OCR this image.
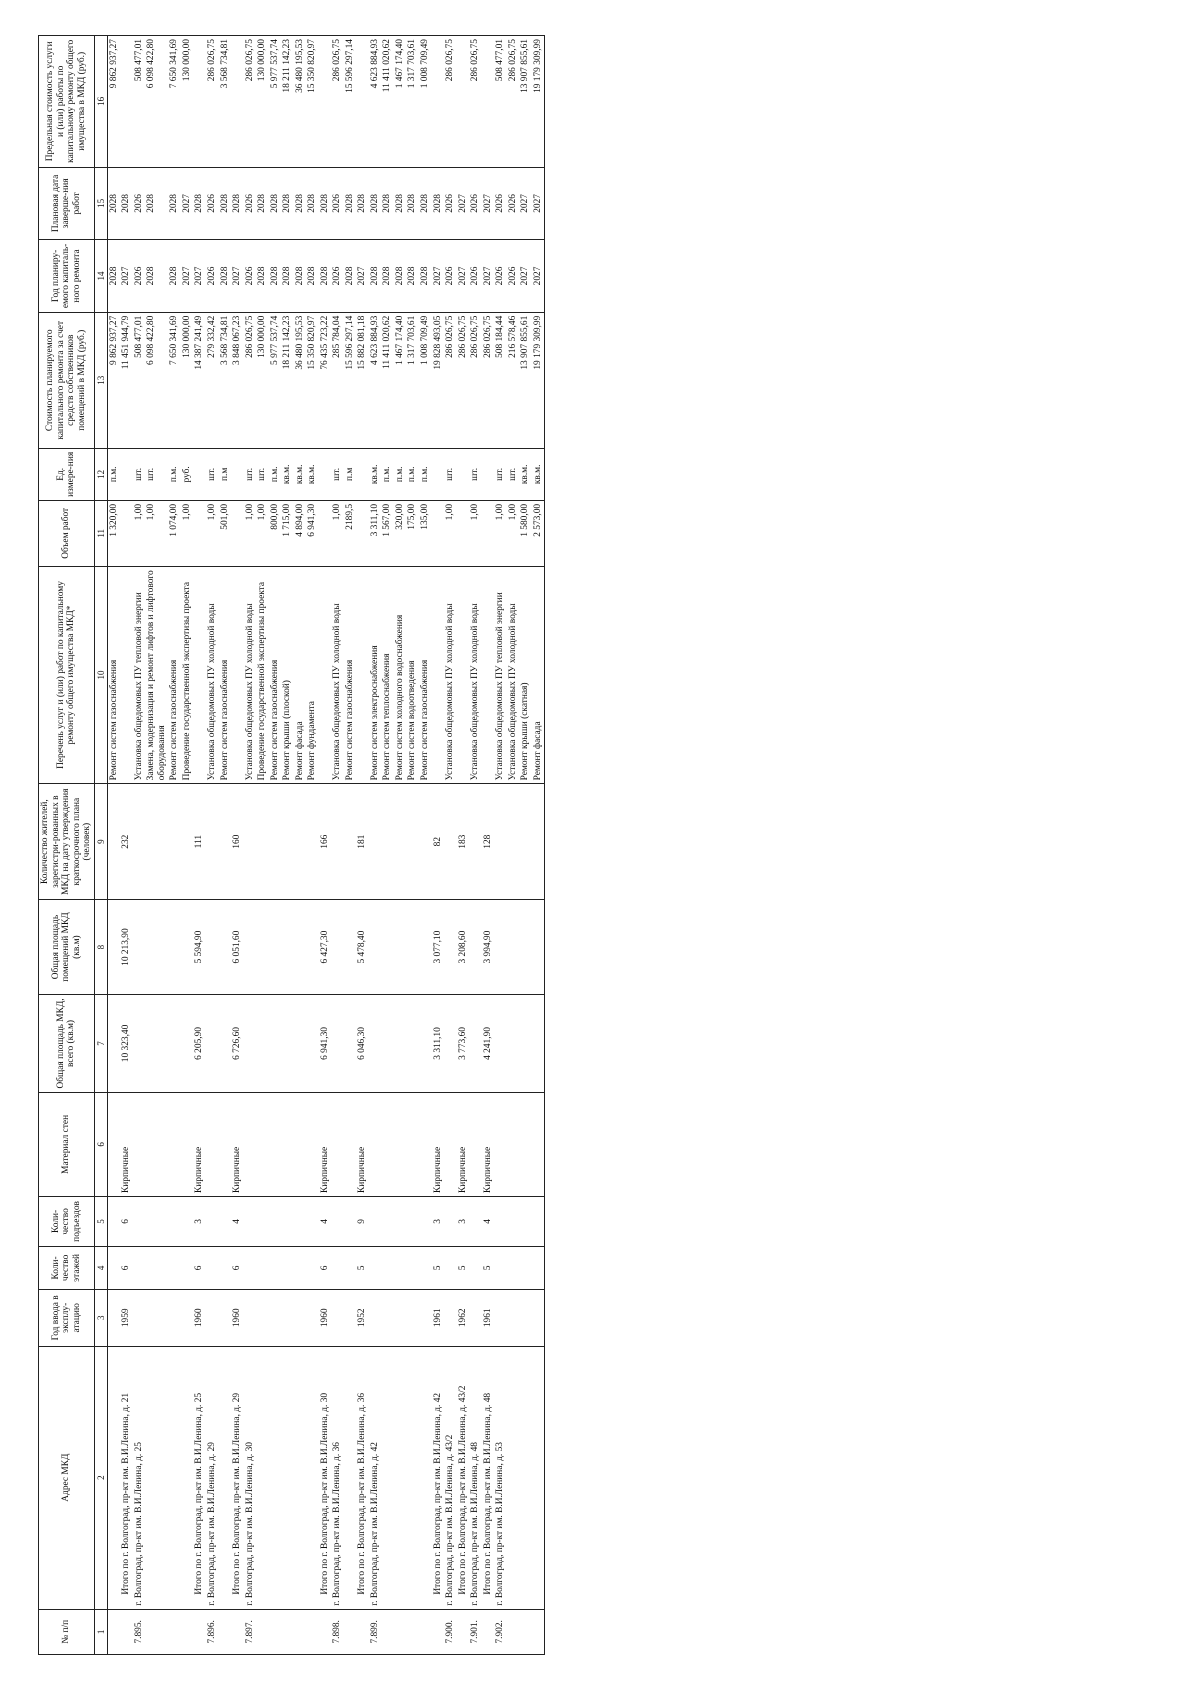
№ п/п	Адрес МКД	Год ввода в эксплу-атацию	Коли-чество этажей	Коли-чество подъездов	Материал стен	Общая площадь МКД, всего (кв.м)	Общая площадь помещений МКД (кв.м)	Количество жителей, зарегистри-рованных в МКД на дату утверждения краткосрочного плана (человек)	Перечень услуг и (или) работ по капитальному ремонту общего имущества МКД*	Объем работ	Ед. измере-ния	Стоимость планируемого капитального ремонта за счет средств собственников помещений в МКД (руб.)	Год планиру-емого капиталь-ного ремонта	Плановая дата заверше-ния работ	Предельная стоимость услуги и (или) работы по капитальному ремонту общего имущества в МКД (руб.)
1	2	3	4	5	6	7	8	9	10	11	12	13	14	15	16
									Ремонт систем газоснабжения	1 320,00	п.м.	9 862 937,27	2028	2028	9 862 937,27
	Итого по г. Волгоград, пр-кт им. В.И.Ленина, д. 21	1959	6	6	Кирпичные	10 323,40	10 213,90	232				11 451 944,79	2027	2028	
7.895.	г. Волгоград, пр-кт им. В.И.Ленина, д. 25								Установка общедомовых ПУ тепловой энергии	1,00	шт.	508 477,01	2026	2026	508 477,01
									Замена, модернизация и ремонт лифтов и лифтового оборудования	1,00	шт.	6 098 422,80	2028	2028	6 098 422,80
									Ремонт систем газоснабжения	1 074,00	п.м.	7 650 341,69	2028	2028	7 650 341,69
									Проведение государственной экспертизы проекта	1,00	руб.	130 000,00	2027	2027	130 000,00
	Итого по г. Волгоград, пр-кт им. В.И.Ленина, д. 25	1960	6	3	Кирпичные	6 205,90	5 594,90	111				14 387 241,49	2027	2028	
7.896.	г. Волгоград, пр-кт им. В.И.Ленина, д. 29								Установка общедомовых ПУ холодной воды	1,00	шт.	279 332,42	2026	2026	286 026,75
									Ремонт систем газоснабжения	501,00	п.м	3 568 734,81	2028	2028	3 568 734,81
	Итого по г. Волгоград, пр-кт им. В.И.Ленина, д. 29	1960	6	4	Кирпичные	6 726,60	6 051,60	160				3 848 067,23	2027	2028	
7.897.	г. Волгоград, пр-кт им. В.И.Ленина, д. 30								Установка общедомовых ПУ холодной воды	1,00	шт.	286 026,75	2026	2026	286 026,75
									Проведение государственной экспертизы проекта	1,00	шт.	130 000,00	2028	2028	130 000,00
									Ремонт систем газоснабжения	800,00	п.м.	5 977 537,74	2028	2028	5 977 537,74
									Ремонт крыши (плоской)	1 715,00	кв.м.	18 211 142,23	2028	2028	18 211 142,23
									Ремонт фасада	4 894,00	кв.м.	36 480 195,53	2028	2028	36 480 195,53
									Ремонт фундамента	6 941,30	кв.м.	15 350 820,97	2028	2028	15 350 820,97
	Итого по г. Волгоград, пр-кт им. В.И.Ленина, д. 30	1960	6	4	Кирпичные	6 941,30	6 427,30	166				76 435 723,22	2028	2028	
7.898.	г. Волгоград, пр-кт им. В.И.Ленина, д. 36								Установка общедомовых ПУ холодной воды	1,00	шт.	285 784,04	2026	2026	286 026,75
									Ремонт систем газоснабжения	2189,5	п.м	15 596 297,14	2028	2028	15 596 297,14
	Итого по г. Волгоград, пр-кт им. В.И.Ленина, д. 36	1952	5	9	Кирпичные	6 046,30	5 478,40	181				15 882 081,18	2027	2028	
7.899.	г. Волгоград, пр-кт им. В.И.Ленина, д. 42								Ремонт систем электроснабжения	3 311,10	кв.м.	4 623 884,93	2028	2028	4 623 884,93
									Ремонт систем теплоснабжения	1 567,00	п.м.	11 411 020,62	2028	2028	11 411 020,62
									Ремонт систем холодного водоснабжения	320,00	п.м.	1 467 174,40	2028	2028	1 467 174,40
									Ремонт систем водоотведения	175,00	п.м.	1 317 703,61	2028	2028	1 317 703,61
									Ремонт систем газоснабжения	135,00	п.м.	1 008 709,49	2028	2028	1 008 709,49
	Итого по г. Волгоград, пр-кт им. В.И.Ленина, д. 42	1961	5	3	Кирпичные	3 311,10	3 077,10	82				19 828 493,05	2027	2028	
7.900.	г. Волгоград, пр-кт им. В.И.Ленина, д. 43/2								Установка общедомовых ПУ холодной воды	1,00	шт.	286 026,75	2026	2026	286 026,75
	Итого по г. Волгоград, пр-кт им. В.И.Ленина, д. 43/2	1962	5	3	Кирпичные	3 773,60	3 208,60	183				286 026,75	2027	2027	
7.901.	г. Волгоград, пр-кт им. В.И.Ленина, д. 48								Установка общедомовых ПУ холодной воды	1,00	шт.	286 026,75	2026	2026	286 026,75
	Итого по г. Волгоград, пр-кт им. В.И.Ленина, д. 48	1961	5	4	Кирпичные	4 241,90	3 994,90	128				286 026,75	2027	2027	
7.902.	г. Волгоград, пр-кт им. В.И.Ленина, д. 53								Установка общедомовых ПУ тепловой энергии	1,00	шт.	508 184,44	2026	2026	508 477,01
									Установка общедомовых ПУ холодной воды	1,00	шт.	216 578,46	2026	2026	286 026,75
									Ремонт крыши (скатная)	1 580,00	кв.м.	13 907 855,61	2027	2027	13 907 855,61
									Ремонт фасада	2 573,00	кв.м.	19 179 309,99	2027	2027	19 179 309,99
